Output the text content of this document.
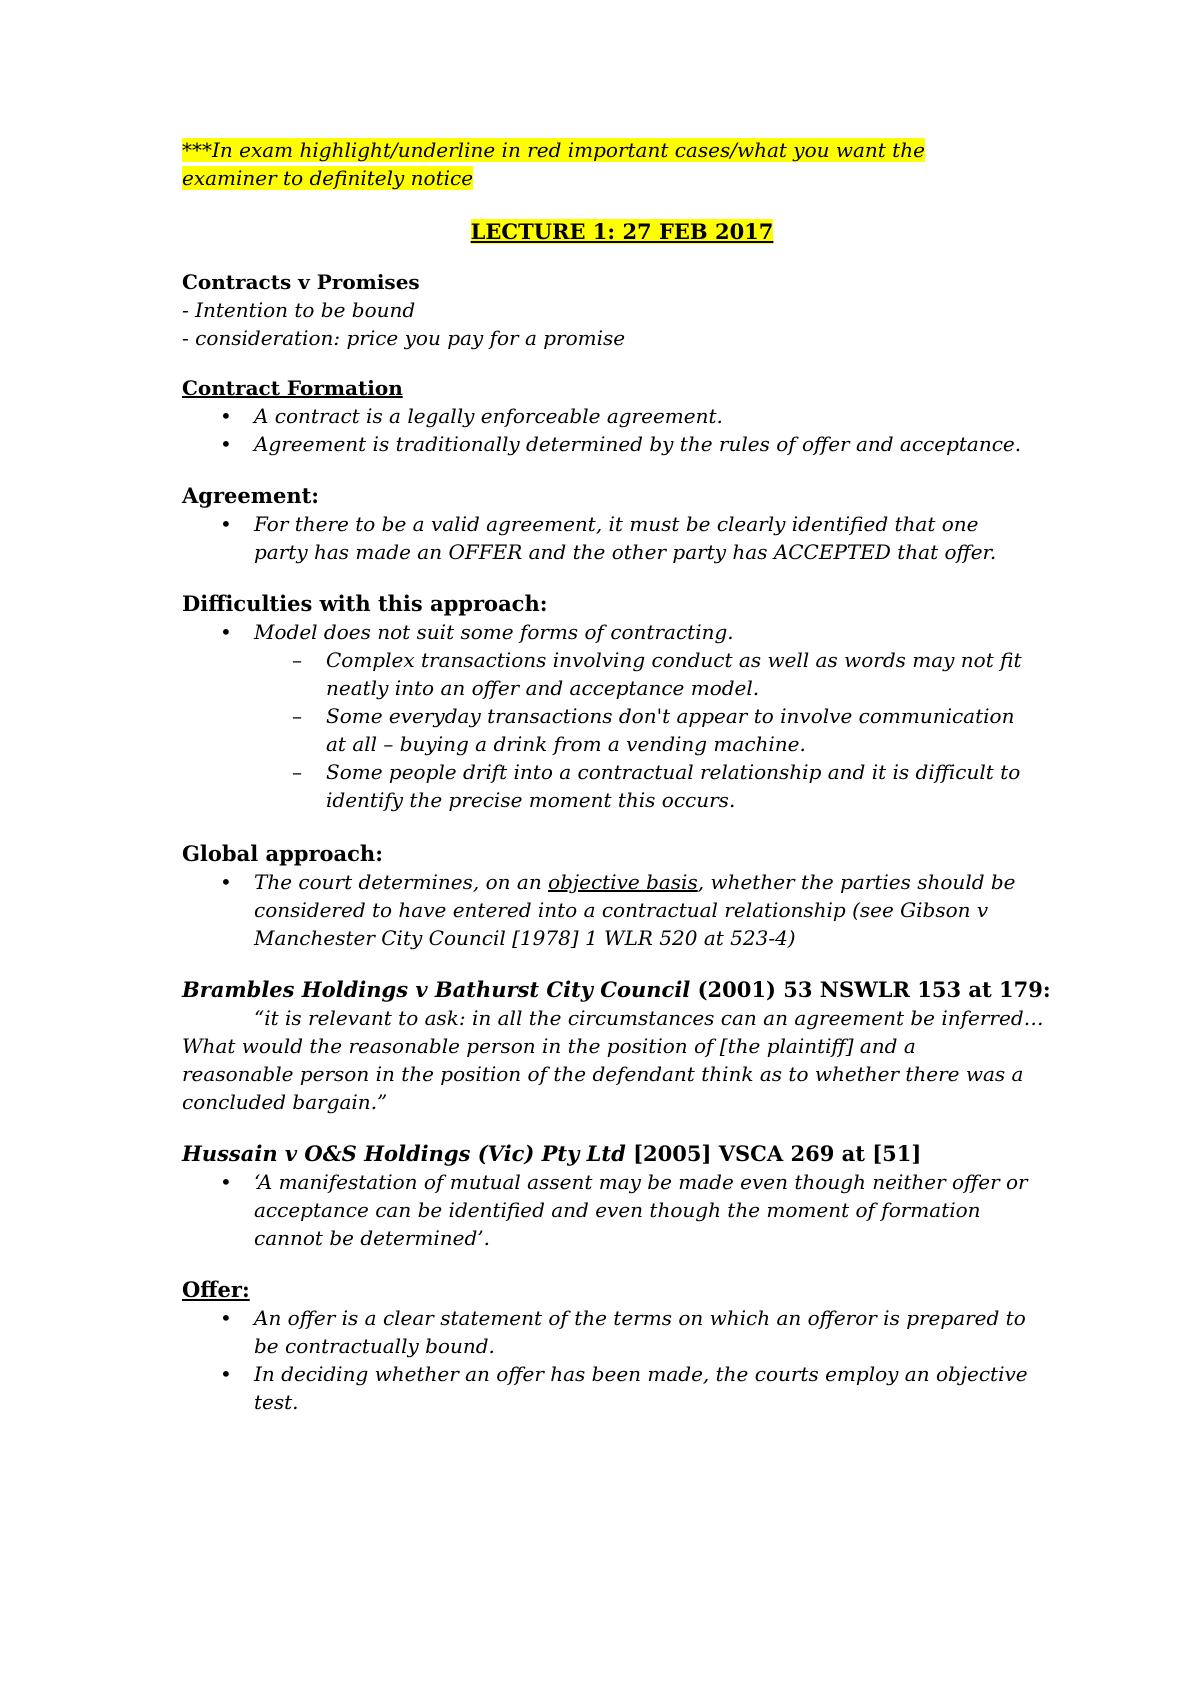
***In exam highlight/underline in red important cases/what you want the

examiner to definitely notice

LECTURE 1: 27 FEB 2017

Contracts v Promises

- Intention to be bound

- consideration: price you pay for a promise

Contract Formation

• A contract is a legally enforceable agreement.

• Agreement is traditionally determined by the rules of offer and acceptance.

Agreement:

• For there to be a valid agreement, it must be clearly identified that one

party has made an OFFER and the other party has ACCEPTED that offer.

Difficulties with this approach:

• Model does not suit some forms of contracting.

– Complex transactions involving conduct as well as words may not fit

neatly into an offer and acceptance model.

– Some everyday transactions don't appear to involve communication

at all – buying a drink from a vending machine.

– Some people drift into a contractual relationship and it is difficult to

identify the precise moment this occurs.

Global approach:

• The court determines, on an objective basis, whether the parties should be

considered to have entered into a contractual relationship (see Gibson v

Manchester City Council [1978] 1 WLR 520 at 523-4)

Brambles Holdings v Bathurst City Council (2001) 53 NSWLR 153 at 179:

“it is relevant to ask: in all the circumstances can an agreement be inferred…

What would the reasonable person in the position of [the plaintiff] and a

reasonable person in the position of the defendant think as to whether there was a

concluded bargain.”

Hussain v O&S Holdings (Vic) Pty Ltd [2005] VSCA 269 at [51]

• ‘A manifestation of mutual assent may be made even though neither offer or

acceptance can be identified and even though the moment of formation

cannot be determined’.

Offer:

• An offer is a clear statement of the terms on which an offeror is prepared to

be contractually bound.

• In deciding whether an offer has been made, the courts employ an objective

test.
